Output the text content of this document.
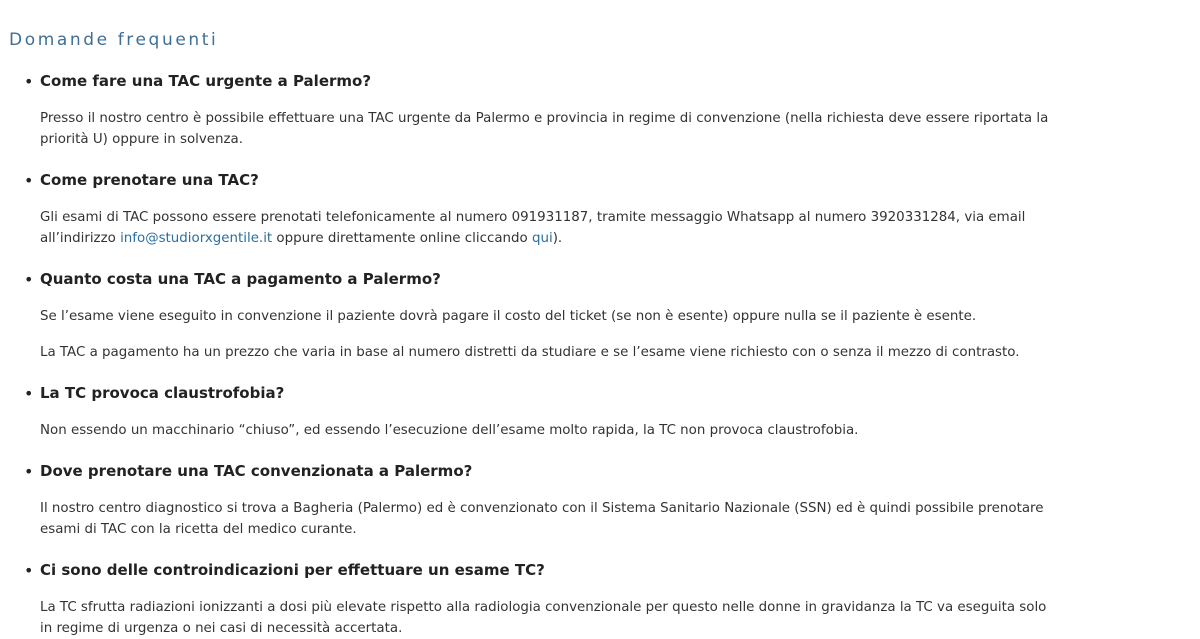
Domande frequenti
• Come fare una TAC urgente a Palermo?

Presso il nostro centro è possibile effettuare una TAC urgente da Palermo e provincia in regime di convenzione (nella richiesta deve essere riportata la priorità U) oppure in solvenza.

• Come prenotare una TAC?

Gli esami di TAC possono essere prenotati telefonicamente al numero 091931187, tramite messaggio Whatsapp al numero 3920331284, via email all’indirizzo info@studiorxgentile.it oppure direttamente online cliccando qui).

• Quanto costa una TAC a pagamento a Palermo?

Se l’esame viene eseguito in convenzione il paziente dovrà pagare il costo del ticket (se non è esente) oppure nulla se il paziente è esente.

La TAC a pagamento ha un prezzo che varia in base al numero distretti da studiare e se l’esame viene richiesto con o senza il mezzo di contrasto.

• La TC provoca claustrofobia?

Non essendo un macchinario “chiuso”, ed essendo l’esecuzione dell’esame molto rapida, la TC non provoca claustrofobia.

• Dove prenotare una TAC convenzionata a Palermo?

Il nostro centro diagnostico si trova a Bagheria (Palermo) ed è convenzionato con il Sistema Sanitario Nazionale (SSN) ed è quindi possibile prenotare esami di TAC con la ricetta del medico curante.

• Ci sono delle controindicazioni per effettuare un esame TC?

La TC sfrutta radiazioni ionizzanti a dosi più elevate rispetto alla radiologia convenzionale per questo nelle donne in gravidanza la TC va eseguita solo in regime di urgenza o nei casi di necessità accertata.
